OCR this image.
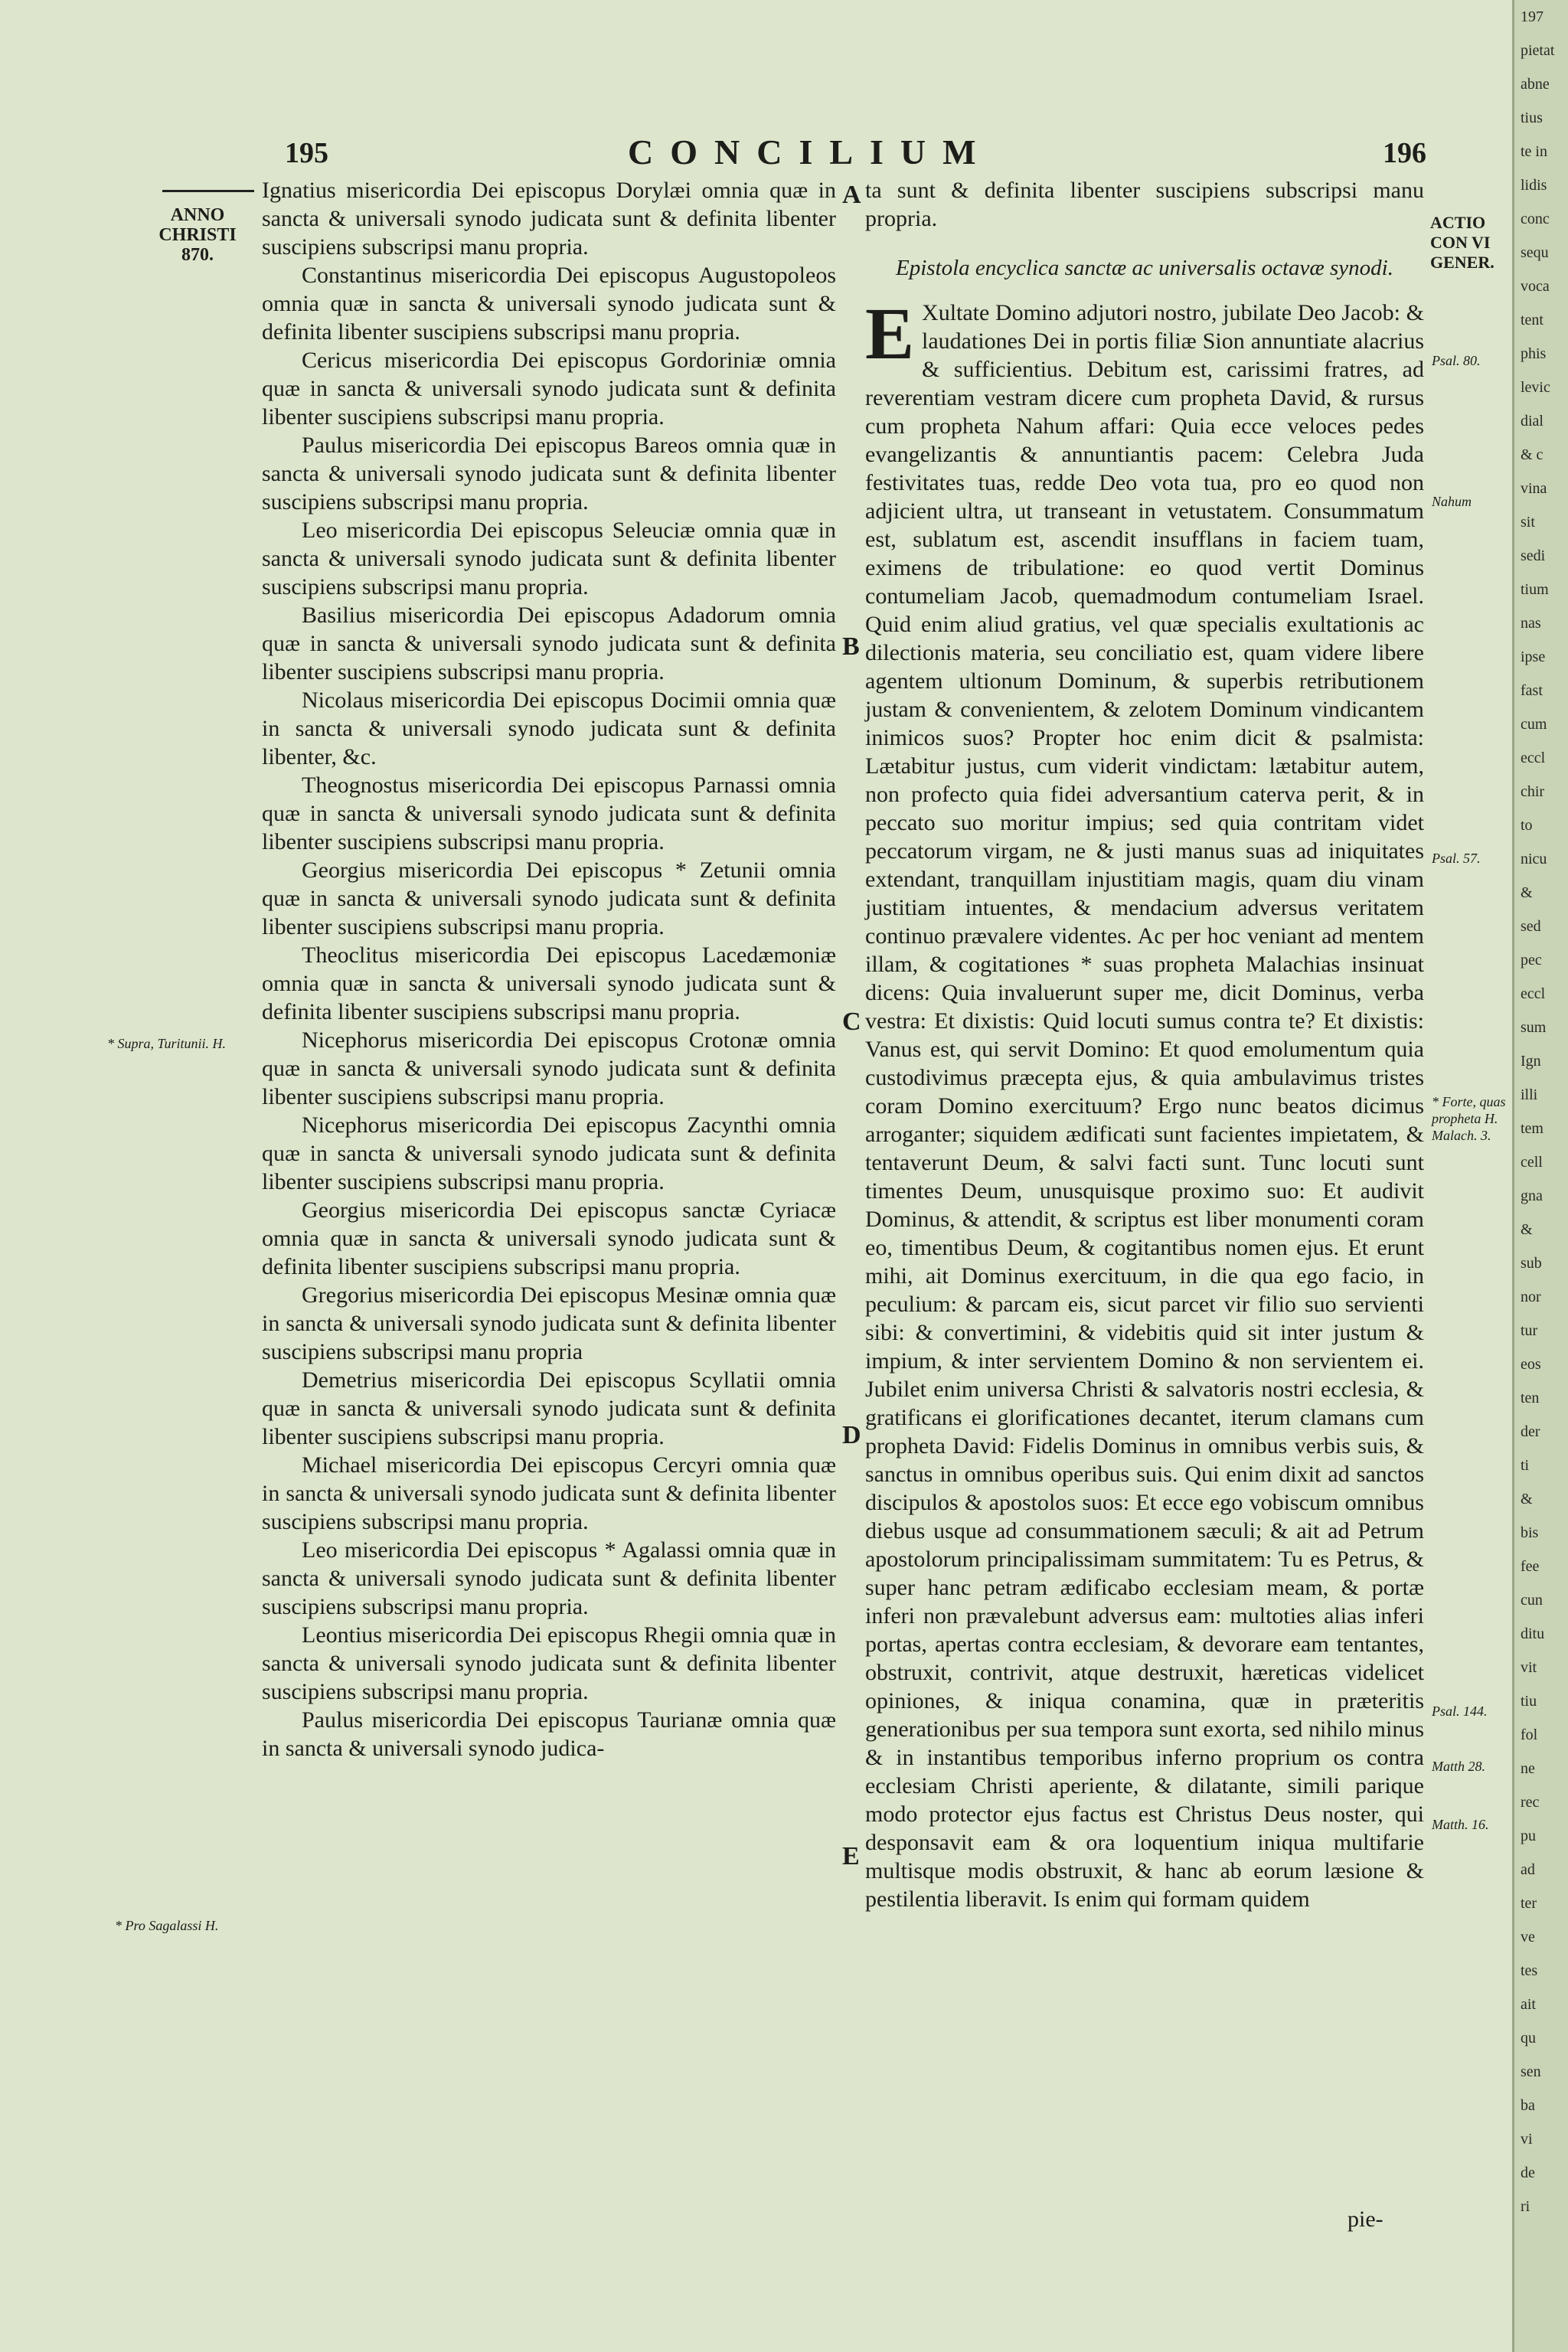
195	CONCILIUM	196
ANNO CHRISTI 870.
ACTIO CON VI GENER.
* Supra, Turitunii. H.
* Pro Sagalassi H.
Psal. 80.
Nahum
Psal. 57.
* Forte, quas propheta H. Malach. 3.
Psal. 144.
Matth 28.
Matth. 16.
A
B
C
D
E

Ignatius misericordia Dei episcopus Dorylæi omnia quæ in sancta & universali synodo judicata sunt & definita libenter suscipiens subscripsi manu propria.

Constantinus misericordia Dei episcopus Augustopoleos omnia quæ in sancta & universali synodo judicata sunt & definita libenter suscipiens subscripsi manu propria.

Cericus misericordia Dei episcopus Gordoriniæ omnia quæ in sancta & universali synodo judicata sunt & definita libenter suscipiens subscripsi manu propria.

Paulus misericordia Dei episcopus Bareos omnia quæ in sancta & universali synodo judicata sunt & definita libenter suscipiens subscripsi manu propria.

Leo misericordia Dei episcopus Seleuciæ omnia quæ in sancta & universali synodo judicata sunt & definita libenter suscipiens subscripsi manu propria.

Basilius misericordia Dei episcopus Adadorum omnia quæ in sancta & universali synodo judicata sunt & definita libenter suscipiens subscripsi manu propria.

Nicolaus misericordia Dei episcopus Docimii omnia quæ in sancta & universali synodo judicata sunt & definita libenter, &c.

Theognostus misericordia Dei episcopus Parnassi omnia quæ in sancta & universali synodo judicata sunt & definita libenter suscipiens subscripsi manu propria.

Georgius misericordia Dei episcopus * Zetunii omnia quæ in sancta & universali synodo judicata sunt & definita libenter suscipiens subscripsi manu propria.

Theoclitus misericordia Dei episcopus Lacedæmoniæ omnia quæ in sancta & universali synodo judicata sunt & definita libenter suscipiens subscripsi manu propria.

Nicephorus misericordia Dei episcopus Crotonæ omnia quæ in sancta & universali synodo judicata sunt & definita libenter suscipiens subscripsi manu propria.

Nicephorus misericordia Dei episcopus Zacynthi omnia quæ in sancta & universali synodo judicata sunt & definita libenter suscipiens subscripsi manu propria.

Georgius misericordia Dei episcopus sanctæ Cyriacæ omnia quæ in sancta & universali synodo judicata sunt & definita libenter suscipiens subscripsi manu propria.

Gregorius misericordia Dei episcopus Mesinæ omnia quæ in sancta & universali synodo judicata sunt & definita libenter suscipiens subscripsi manu propria

Demetrius misericordia Dei episcopus Scyllatii omnia quæ in sancta & universali synodo judicata sunt & definita libenter suscipiens subscripsi manu propria.

Michael misericordia Dei episcopus Cercyri omnia quæ in sancta & universali synodo judicata sunt & definita libenter suscipiens subscripsi manu propria.

Leo misericordia Dei episcopus * Agalassi omnia quæ in sancta & universali synodo judicata sunt & definita libenter suscipiens subscripsi manu propria.

Leontius misericordia Dei episcopus Rhegii omnia quæ in sancta & universali synodo judicata sunt & definita libenter suscipiens subscripsi manu propria.

Paulus misericordia Dei episcopus Taurianæ omnia quæ in sancta & universali synodo judica-

ta sunt & definita libenter suscipiens subscripsi manu propria.

Epistola encyclica sanctæ ac universalis octavæ synodi.

E Xultate Domino adjutori nostro, jubilate Deo Jacob: & laudationes Dei in portis filiæ Sion annuntiate alacrius & sufficientius. Debitum est, carissimi fratres, ad reverentiam vestram dicere cum propheta David, & rursus cum propheta Nahum affari: Quia ecce veloces pedes evangelizantis & annuntiantis pacem: Celebra Juda festivitates tuas, redde Deo vota tua, pro eo quod non adjicient ultra, ut transeant in vetustatem. Consummatum est, sublatum est, ascendit insufflans in faciem tuam, eximens de tribulatione: eo quod vertit Dominus contumeliam Jacob, quemadmodum contumeliam Israel. Quid enim aliud gratius, vel quæ specialis exultationis ac dilectionis materia, seu conciliatio est, quam videre libere agentem ultionum Dominum, & superbis retributionem justam & convenientem, & zelotem Dominum vindicantem inimicos suos? Propter hoc enim dicit & psalmista: Lætabitur justus, cum viderit vindictam: lætabitur autem, non profecto quia fidei adversantium caterva perit, & in peccato suo moritur impius; sed quia contritam videt peccatorum virgam, ne & justi manus suas ad iniquitates extendant, tranquillam injustitiam magis, quam diu vinam justitiam intuentes, & mendacium adversus veritatem continuo prævalere videntes. Ac per hoc veniant ad mentem illam, & cogitationes * suas propheta Malachias insinuat dicens: Quia invaluerunt super me, dicit Dominus, verba vestra: Et dixistis: Quid locuti sumus contra te? Et dixistis: Vanus est, qui servit Domino: Et quod emolumentum quia custodivimus præcepta ejus, & quia ambulavimus tristes coram Domino exercituum? Ergo nunc beatos dicimus arroganter; siquidem ædificati sunt facientes impietatem, & tentaverunt Deum, & salvi facti sunt. Tunc locuti sunt timentes Deum, unusquisque proximo suo: Et audivit Dominus, & attendit, & scriptus est liber monumenti coram eo, timentibus Deum, & cogitantibus nomen ejus. Et erunt mihi, ait Dominus exercituum, in die qua ego facio, in peculium: & parcam eis, sicut parcet vir filio suo servienti sibi: & convertimini, & videbitis quid sit inter justum & impium, & inter servientem Domino & non servientem ei. Jubilet enim universa Christi & salvatoris nostri ecclesia, & gratificans ei glorificationes decantet, iterum clamans cum propheta David: Fidelis Dominus in omnibus verbis suis, & sanctus in omnibus operibus suis. Qui enim dixit ad sanctos discipulos & apostolos suos: Et ecce ego vobiscum omnibus diebus usque ad consummationem sæculi; & ait ad Petrum apostolorum principalissimam summitatem: Tu es Petrus, & super hanc petram ædificabo ecclesiam meam, & portæ inferi non prævalebunt adversus eam: multoties alias inferi portas, apertas contra ecclesiam, & devorare eam tentantes, obstruxit, contrivit, atque destruxit, hæreticas videlicet opiniones, & iniqua conamina, quæ in præteritis generationibus per sua tempora sunt exorta, sed nihilo minus & in instantibus temporibus inferno proprium os contra ecclesiam Christi aperiente, & dilatante, simili parique modo protector ejus factus est Christus Deus noster, qui desponsavit eam & ora loquentium iniqua multifarie multisque modis obstruxit, & hanc ab eorum læsione & pestilentia liberavit. Is enim qui formam quidem

pie-
197
pietat
abne
tius
te in
lidis
conc
sequ
voca
tent
phis
levic
dial
& c
vina
sit
sedi
tium
nas
ipse
fast
cum
eccl
chir
to
nicu
&
sed
pec
eccl
sum
Ign
illi
tem
cell
gna
&
sub
nor
tur
eos
ten
der
ti
&
bis
fee
cun
ditu
vit
tiu
fol
ne
rec
pu
ad
ter
ve
tes
ait
qu
sen
ba
vi
de
ri
